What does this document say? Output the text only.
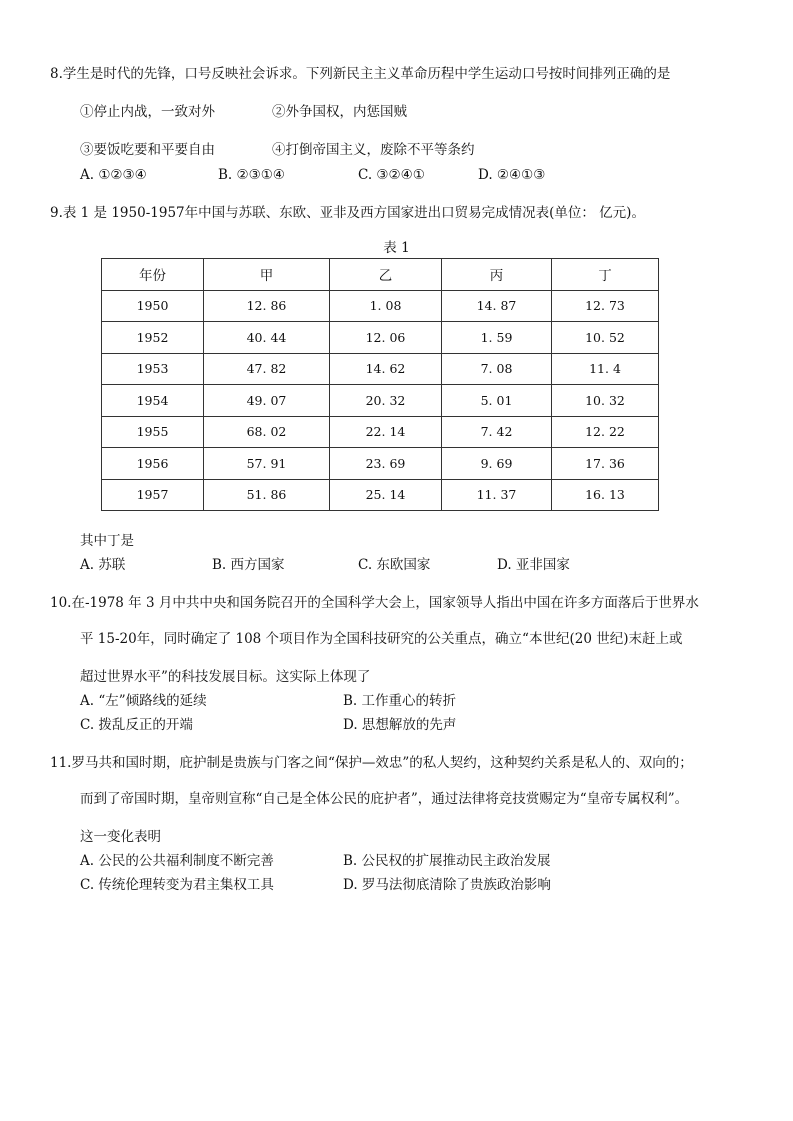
8.学生是时代的先锋，口号反映社会诉求。下列新民主主义革命历程中学生运动口号按时间排列正确的是
①停止内战，一致对外	②外争国权，内惩国贼
③要饭吃要和平要自由	④打倒帝国主义，废除不平等条约
A. ①②③④	B. ②③①④	C. ③②④①	D. ②④①③
9.表 1 是 1950-1957年中国与苏联、东欧、亚非及西方国家进出口贸易完成情况表(单位： 亿元)。
表 1
年份	甲	乙	丙	丁
1950	12. 86	1. 08	14. 87	12. 73
1952	40. 44	12. 06	1. 59	10. 52
1953	47. 82	14. 62	7. 08	11. 4
1954	49. 07	20. 32	5. 01	10. 32
1955	68. 02	22. 14	7. 42	12. 22
1956	57. 91	23. 69	9. 69	17. 36
1957	51. 86	25. 14	11. 37	16. 13
其中丁是
A. 苏联	B. 西方国家	C. 东欧国家	D. 亚非国家
10.在-1978 年 3 月中共中央和国务院召开的全国科学大会上，国家领导人指出中国在许多方面落后于世界水
平 15-20年，同时确定了 108 个项目作为全国科技研究的公关重点，确立“本世纪(20 世纪)末赶上或
超过世界水平”的科技发展目标。这实际上体现了
A. “左”倾路线的延续	B. 工作重心的转折
C. 拨乱反正的开端	D. 思想解放的先声
11.罗马共和国时期，庇护制是贵族与门客之间“保护—效忠”的私人契约，这种契约关系是私人的、双向的；
而到了帝国时期，皇帝则宣称“自己是全体公民的庇护者”，通过法律将竞技赏赐定为“皇帝专属权利”。
这一变化表明
A. 公民的公共福利制度不断完善	B. 公民权的扩展推动民主政治发展
C. 传统伦理转变为君主集权工具	D. 罗马法彻底清除了贵族政治影响
